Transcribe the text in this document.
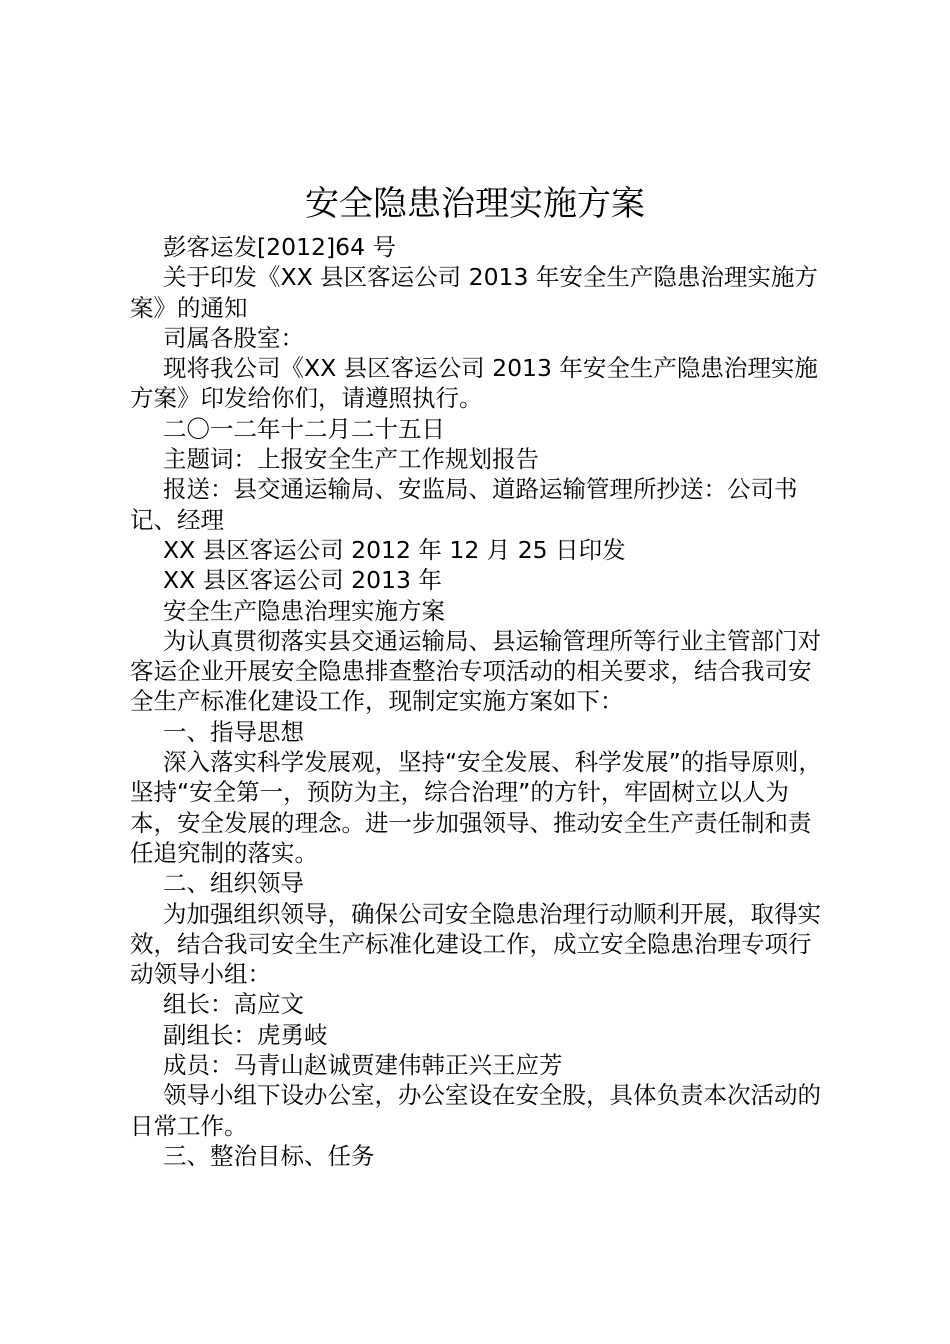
安全隐患治理实施方案

彭客运发[2012]64 号

关于印发《XX 县区客运公司 2013 年安全生产隐患治理实施方案》的通知

司属各股室：

现将我公司《XX 县区客运公司 2013 年安全生产隐患治理实施方案》印发给你们，请遵照执行。

二〇一二年十二月二十五日

主题词：上报安全生产工作规划报告

报送：县交通运输局、安监局、道路运输管理所抄送：公司书记、经理

XX 县区客运公司 2012 年 12 月 25 日印发

XX 县区客运公司 2013 年

安全生产隐患治理实施方案

为认真贯彻落实县交通运输局、县运输管理所等行业主管部门对客运企业开展安全隐患排查整治专项活动的相关要求，结合我司安全生产标准化建设工作，现制定实施方案如下：

一、指导思想

深入落实科学发展观，坚持“安全发展、科学发展”的指导原则，坚持“安全第一，预防为主，综合治理”的方针，牢固树立以人为本，安全发展的理念。进一步加强领导、推动安全生产责任制和责任追究制的落实。

二、组织领导

为加强组织领导，确保公司安全隐患治理行动顺利开展，取得实效，结合我司安全生产标准化建设工作，成立安全隐患治理专项行动领导小组：

组长：高应文

副组长：虎勇岐

成员：马青山赵诚贾建伟韩正兴王应芳

领导小组下设办公室，办公室设在安全股，具体负责本次活动的日常工作。

三、整治目标、任务
